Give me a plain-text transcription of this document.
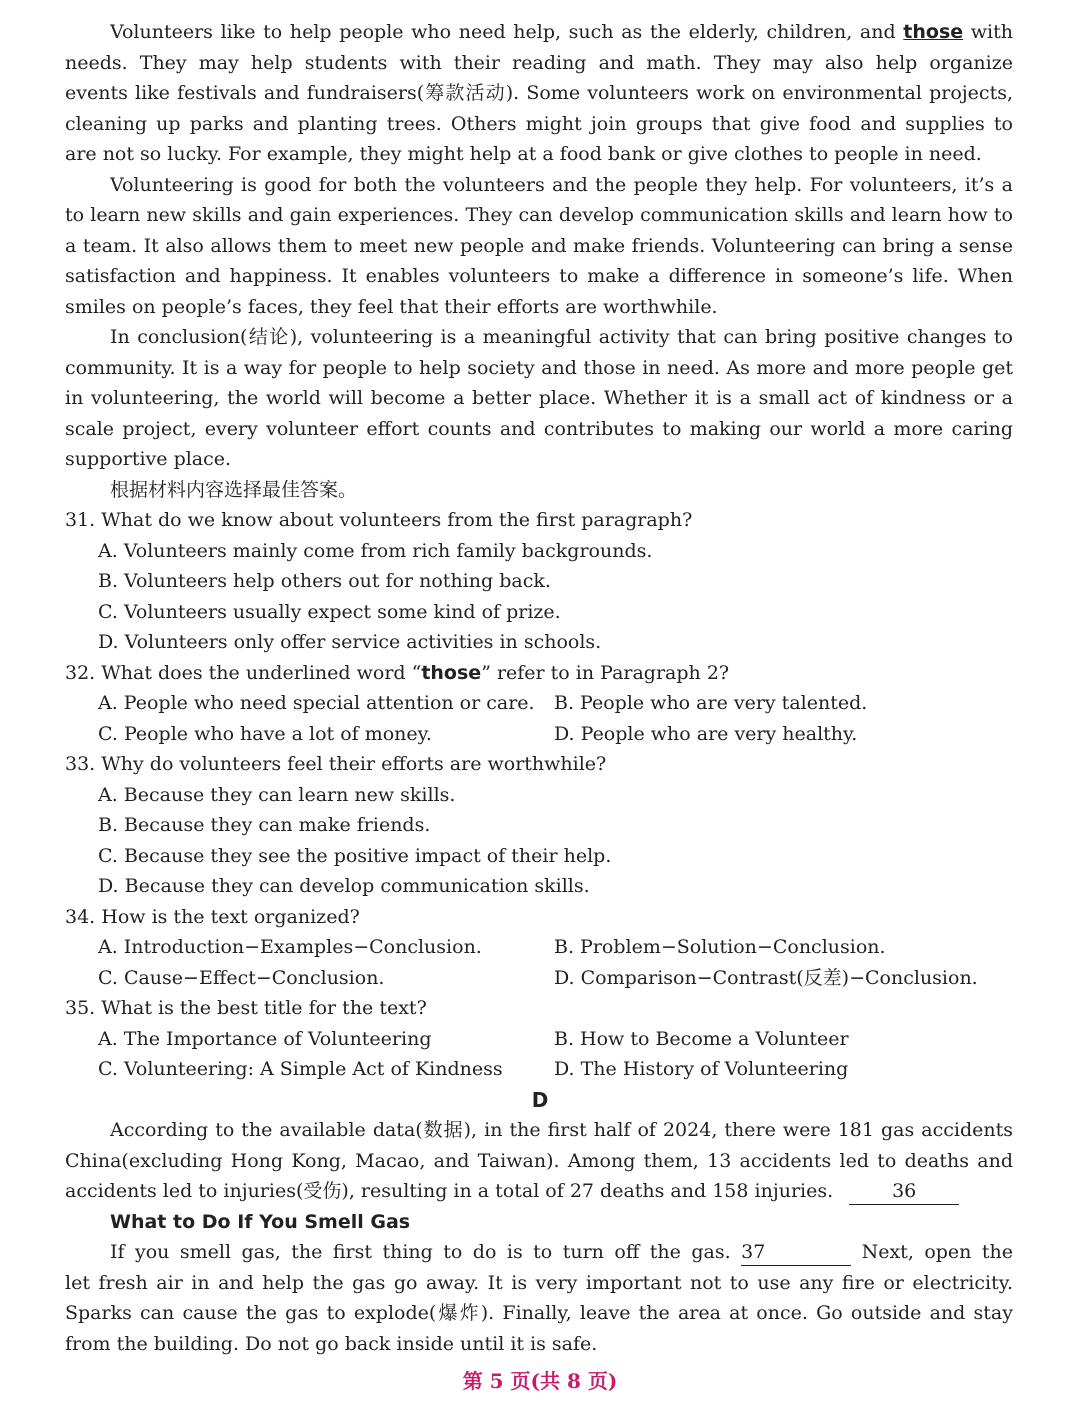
Volunteers like to help people who need help, such as the elderly, children, and those with
needs. They may help students with their reading and math. They may also help organize
events like festivals and fundraisers(筹款活动). Some volunteers work on environmental projects,
cleaning up parks and planting trees. Others might join groups that give food and supplies to
are not so lucky. For example, they might help at a food bank or give clothes to people in need.
Volunteering is good for both the volunteers and the people they help. For volunteers, it’s a
to learn new skills and gain experiences. They can develop communication skills and learn how to
a team. It also allows them to meet new people and make friends. Volunteering can bring a sense
satisfaction and happiness. It enables volunteers to make a difference in someone’s life. When
smiles on people’s faces, they feel that their efforts are worthwhile.
In conclusion(结论), volunteering is a meaningful activity that can bring positive changes to
community. It is a way for people to help society and those in need. As more and more people get
in volunteering, the world will become a better place. Whether it is a small act of kindness or a
scale project, every volunteer effort counts and contributes to making our world a more caring
supportive place.
根据材料内容选择最佳答案。
31. What do we know about volunteers from the first paragraph?
A. Volunteers mainly come from rich family backgrounds.
B. Volunteers help others out for nothing back.
C. Volunteers usually expect some kind of prize.
D. Volunteers only offer service activities in schools.
32. What does the underlined word “those” refer to in Paragraph 2?
A. People who need special attention or care. B. People who are very talented.
C. People who have a lot of money.	D. People who are very healthy.
33. Why do volunteers feel their efforts are worthwhile?
A. Because they can learn new skills.
B. Because they can make friends.
C. Because they see the positive impact of their help.
D. Because they can develop communication skills.
34. How is the text organized?
A. Introduction−Examples−Conclusion.	B. Problem−Solution−Conclusion.
C. Cause−Effect−Conclusion.	D. Comparison−Contrast(反差)−Conclusion.
35. What is the best title for the text?
A. The Importance of Volunteering	B. How to Become a Volunteer
C. Volunteering: A Simple Act of Kindness	D. The History of Volunteering
D
According to the available data(数据), in the first half of 2024, there were 181 gas accidents
China(excluding Hong Kong, Macao, and Taiwan). Among them, 13 accidents led to deaths and
accidents led to injuries(受伤), resulting in a total of 27 deaths and 158 injuries.	36
What to Do If You Smell Gas
If you smell gas, the first thing to do is to turn off the gas. 37	Next, open the
let fresh air in and help the gas go away. It is very important not to use any fire or electricity.
Sparks can cause the gas to explode(爆炸). Finally, leave the area at once. Go outside and stay
from the building. Do not go back inside until it is safe.
第 5 页(共 8 页)
